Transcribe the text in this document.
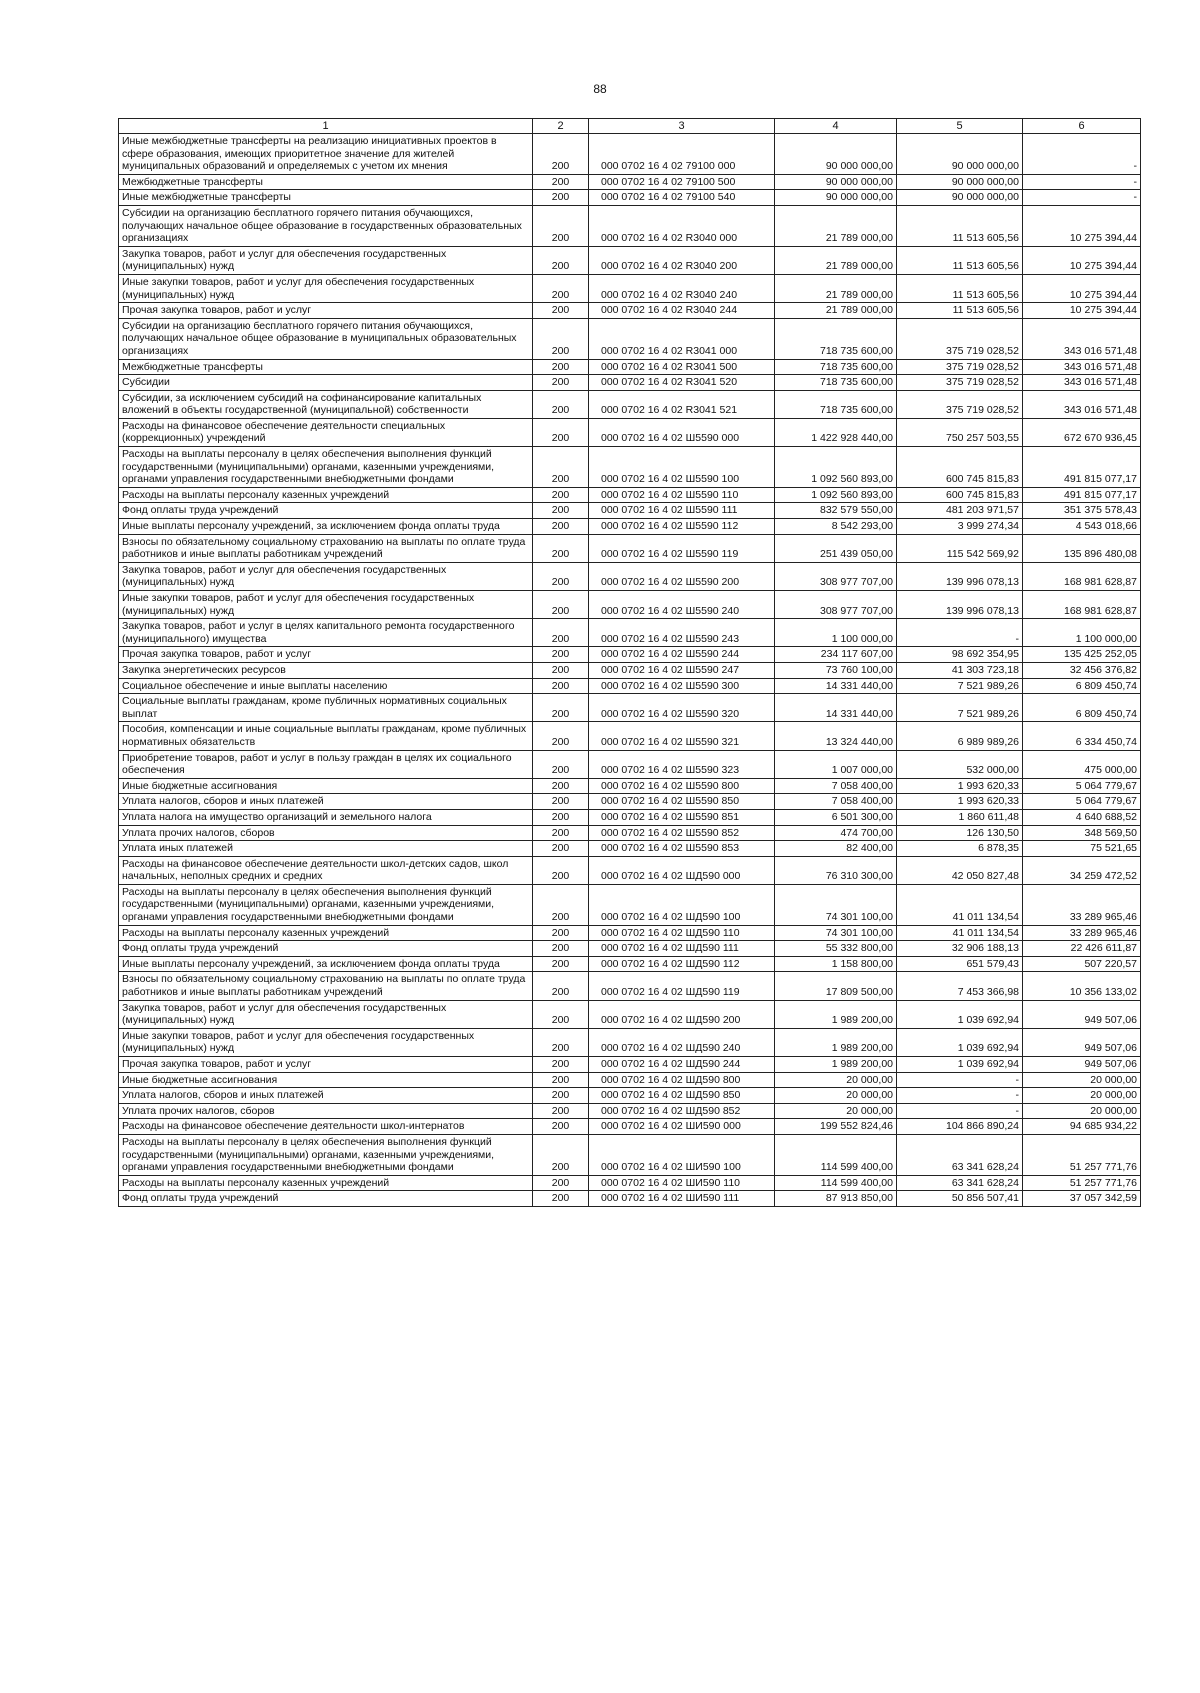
88
1	2	3	4	5	6
Иные межбюджетные трансферты на реализацию инициативных проектов в сфере образования, имеющих приоритетное значение для жителей муниципальных образований и определяемых с учетом их мнения	200	000 0702 16 4 02 79100 000	90 000 000,00	90 000 000,00	-
Межбюджетные трансферты	200	000 0702 16 4 02 79100 500	90 000 000,00	90 000 000,00	-
Иные межбюджетные трансферты	200	000 0702 16 4 02 79100 540	90 000 000,00	90 000 000,00	-
Субсидии на организацию бесплатного горячего питания обучающихся, получающих начальное общее образование в государственных образовательных организациях	200	000 0702 16 4 02 R3040 000	21 789 000,00	11 513 605,56	10 275 394,44
Закупка товаров, работ и услуг для обеспечения государственных (муниципальных) нужд	200	000 0702 16 4 02 R3040 200	21 789 000,00	11 513 605,56	10 275 394,44
Иные закупки товаров, работ и услуг для обеспечения государственных (муниципальных) нужд	200	000 0702 16 4 02 R3040 240	21 789 000,00	11 513 605,56	10 275 394,44
Прочая закупка товаров, работ и услуг	200	000 0702 16 4 02 R3040 244	21 789 000,00	11 513 605,56	10 275 394,44
Субсидии на организацию бесплатного горячего питания обучающихся, получающих начальное общее образование в муниципальных образовательных организациях	200	000 0702 16 4 02 R3041 000	718 735 600,00	375 719 028,52	343 016 571,48
Межбюджетные трансферты	200	000 0702 16 4 02 R3041 500	718 735 600,00	375 719 028,52	343 016 571,48
Субсидии	200	000 0702 16 4 02 R3041 520	718 735 600,00	375 719 028,52	343 016 571,48
Субсидии, за исключением субсидий на софинансирование капитальных вложений в объекты государственной (муниципальной) собственности	200	000 0702 16 4 02 R3041 521	718 735 600,00	375 719 028,52	343 016 571,48
Расходы на финансовое обеспечение деятельности специальных (коррекционных) учреждений	200	000 0702 16 4 02 Ш5590 000	1 422 928 440,00	750 257 503,55	672 670 936,45
Расходы на выплаты персоналу в целях обеспечения выполнения функций государственными (муниципальными) органами, казенными учреждениями, органами управления государственными внебюджетными фондами	200	000 0702 16 4 02 Ш5590 100	1 092 560 893,00	600 745 815,83	491 815 077,17
Расходы на выплаты персоналу казенных учреждений	200	000 0702 16 4 02 Ш5590 110	1 092 560 893,00	600 745 815,83	491 815 077,17
Фонд оплаты труда учреждений	200	000 0702 16 4 02 Ш5590 111	832 579 550,00	481 203 971,57	351 375 578,43
Иные выплаты персоналу учреждений, за исключением фонда оплаты труда	200	000 0702 16 4 02 Ш5590 112	8 542 293,00	3 999 274,34	4 543 018,66
Взносы по обязательному социальному страхованию на выплаты по оплате труда работников и иные выплаты работникам учреждений	200	000 0702 16 4 02 Ш5590 119	251 439 050,00	115 542 569,92	135 896 480,08
Закупка товаров, работ и услуг для обеспечения государственных (муниципальных) нужд	200	000 0702 16 4 02 Ш5590 200	308 977 707,00	139 996 078,13	168 981 628,87
Иные закупки товаров, работ и услуг для обеспечения государственных (муниципальных) нужд	200	000 0702 16 4 02 Ш5590 240	308 977 707,00	139 996 078,13	168 981 628,87
Закупка товаров, работ и услуг в целях капитального ремонта государственного (муниципального) имущества	200	000 0702 16 4 02 Ш5590 243	1 100 000,00	-	1 100 000,00
Прочая закупка товаров, работ и услуг	200	000 0702 16 4 02 Ш5590 244	234 117 607,00	98 692 354,95	135 425 252,05
Закупка энергетических ресурсов	200	000 0702 16 4 02 Ш5590 247	73 760 100,00	41 303 723,18	32 456 376,82
Социальное обеспечение и иные выплаты населению	200	000 0702 16 4 02 Ш5590 300	14 331 440,00	7 521 989,26	6 809 450,74
Социальные выплаты гражданам, кроме публичных нормативных социальных выплат	200	000 0702 16 4 02 Ш5590 320	14 331 440,00	7 521 989,26	6 809 450,74
Пособия, компенсации и иные социальные выплаты гражданам, кроме публичных нормативных обязательств	200	000 0702 16 4 02 Ш5590 321	13 324 440,00	6 989 989,26	6 334 450,74
Приобретение товаров, работ и услуг в пользу граждан в целях их социального обеспечения	200	000 0702 16 4 02 Ш5590 323	1 007 000,00	532 000,00	475 000,00
Иные бюджетные ассигнования	200	000 0702 16 4 02 Ш5590 800	7 058 400,00	1 993 620,33	5 064 779,67
Уплата налогов, сборов и иных платежей	200	000 0702 16 4 02 Ш5590 850	7 058 400,00	1 993 620,33	5 064 779,67
Уплата налога на имущество организаций и земельного налога	200	000 0702 16 4 02 Ш5590 851	6 501 300,00	1 860 611,48	4 640 688,52
Уплата прочих налогов, сборов	200	000 0702 16 4 02 Ш5590 852	474 700,00	126 130,50	348 569,50
Уплата иных платежей	200	000 0702 16 4 02 Ш5590 853	82 400,00	6 878,35	75 521,65
Расходы на финансовое обеспечение деятельности школ-детских садов, школ начальных, неполных средних и средних	200	000 0702 16 4 02 ШД590 000	76 310 300,00	42 050 827,48	34 259 472,52
Расходы на выплаты персоналу в целях обеспечения выполнения функций государственными (муниципальными) органами, казенными учреждениями, органами управления государственными внебюджетными фондами	200	000 0702 16 4 02 ШД590 100	74 301 100,00	41 011 134,54	33 289 965,46
Расходы на выплаты персоналу казенных учреждений	200	000 0702 16 4 02 ШД590 110	74 301 100,00	41 011 134,54	33 289 965,46
Фонд оплаты труда учреждений	200	000 0702 16 4 02 ШД590 111	55 332 800,00	32 906 188,13	22 426 611,87
Иные выплаты персоналу учреждений, за исключением фонда оплаты труда	200	000 0702 16 4 02 ШД590 112	1 158 800,00	651 579,43	507 220,57
Взносы по обязательному социальному страхованию на выплаты по оплате труда работников и иные выплаты работникам учреждений	200	000 0702 16 4 02 ШД590 119	17 809 500,00	7 453 366,98	10 356 133,02
Закупка товаров, работ и услуг для обеспечения государственных (муниципальных) нужд	200	000 0702 16 4 02 ШД590 200	1 989 200,00	1 039 692,94	949 507,06
Иные закупки товаров, работ и услуг для обеспечения государственных (муниципальных) нужд	200	000 0702 16 4 02 ШД590 240	1 989 200,00	1 039 692,94	949 507,06
Прочая закупка товаров, работ и услуг	200	000 0702 16 4 02 ШД590 244	1 989 200,00	1 039 692,94	949 507,06
Иные бюджетные ассигнования	200	000 0702 16 4 02 ШД590 800	20 000,00	-	20 000,00
Уплата налогов, сборов и иных платежей	200	000 0702 16 4 02 ШД590 850	20 000,00	-	20 000,00
Уплата прочих налогов, сборов	200	000 0702 16 4 02 ШД590 852	20 000,00	-	20 000,00
Расходы на финансовое обеспечение деятельности школ-интернатов	200	000 0702 16 4 02 ШИ590 000	199 552 824,46	104 866 890,24	94 685 934,22
Расходы на выплаты персоналу в целях обеспечения выполнения функций государственными (муниципальными) органами, казенными учреждениями, органами управления государственными внебюджетными фондами	200	000 0702 16 4 02 ШИ590 100	114 599 400,00	63 341 628,24	51 257 771,76
Расходы на выплаты персоналу казенных учреждений	200	000 0702 16 4 02 ШИ590 110	114 599 400,00	63 341 628,24	51 257 771,76
Фонд оплаты труда учреждений	200	000 0702 16 4 02 ШИ590 111	87 913 850,00	50 856 507,41	37 057 342,59
